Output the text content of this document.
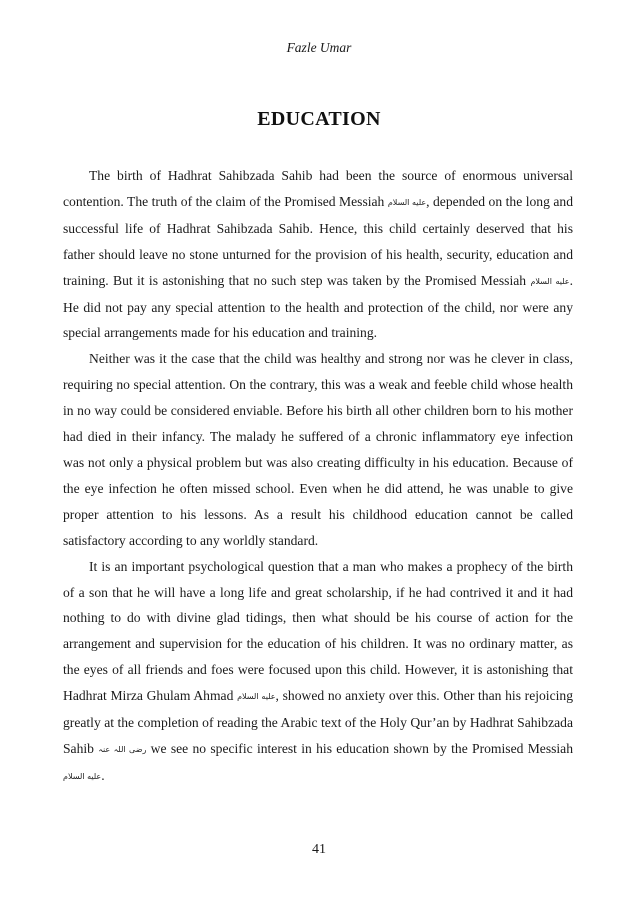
Fazle Umar
EDUCATION

The birth of Hadhrat Sahibzada Sahib had been the source of enormous universal contention. The truth of the claim of the Promised Messiah عليه السلام, depended on the long and successful life of Hadhrat Sahibzada Sahib. Hence, this child certainly deserved that his father should leave no stone unturned for the provision of his health, security, education and training. But it is astonishing that no such step was taken by the Promised Messiah عليه السلام. He did not pay any special attention to the health and protection of the child, nor were any special arrangements made for his education and training.

Neither was it the case that the child was healthy and strong nor was he clever in class, requiring no special attention. On the contrary, this was a weak and feeble child whose health in no way could be considered enviable. Before his birth all other children born to his mother had died in their infancy. The malady he suffered of a chronic inflammatory eye infection was not only a physical problem but was also creating difficulty in his education. Because of the eye infection he often missed school. Even when he did attend, he was unable to give proper attention to his lessons. As a result his childhood education cannot be called satisfactory according to any worldly standard.

It is an important psychological question that a man who makes a prophecy of the birth of a son that he will have a long life and great scholarship, if he had contrived it and it had nothing to do with divine glad tidings, then what should be his course of action for the arrangement and supervision for the education of his children. It was no ordinary matter, as the eyes of all friends and foes were focused upon this child. However, it is astonishing that Hadhrat Mirza Ghulam Ahmad عليه السلام, showed no anxiety over this. Other than his rejoicing greatly at the completion of reading the Arabic text of the Holy Qur’an by Hadhrat Sahibzada Sahib رضی اللہ عنہ we see no specific interest in his education shown by the Promised Messiah عليه السلام.

41
